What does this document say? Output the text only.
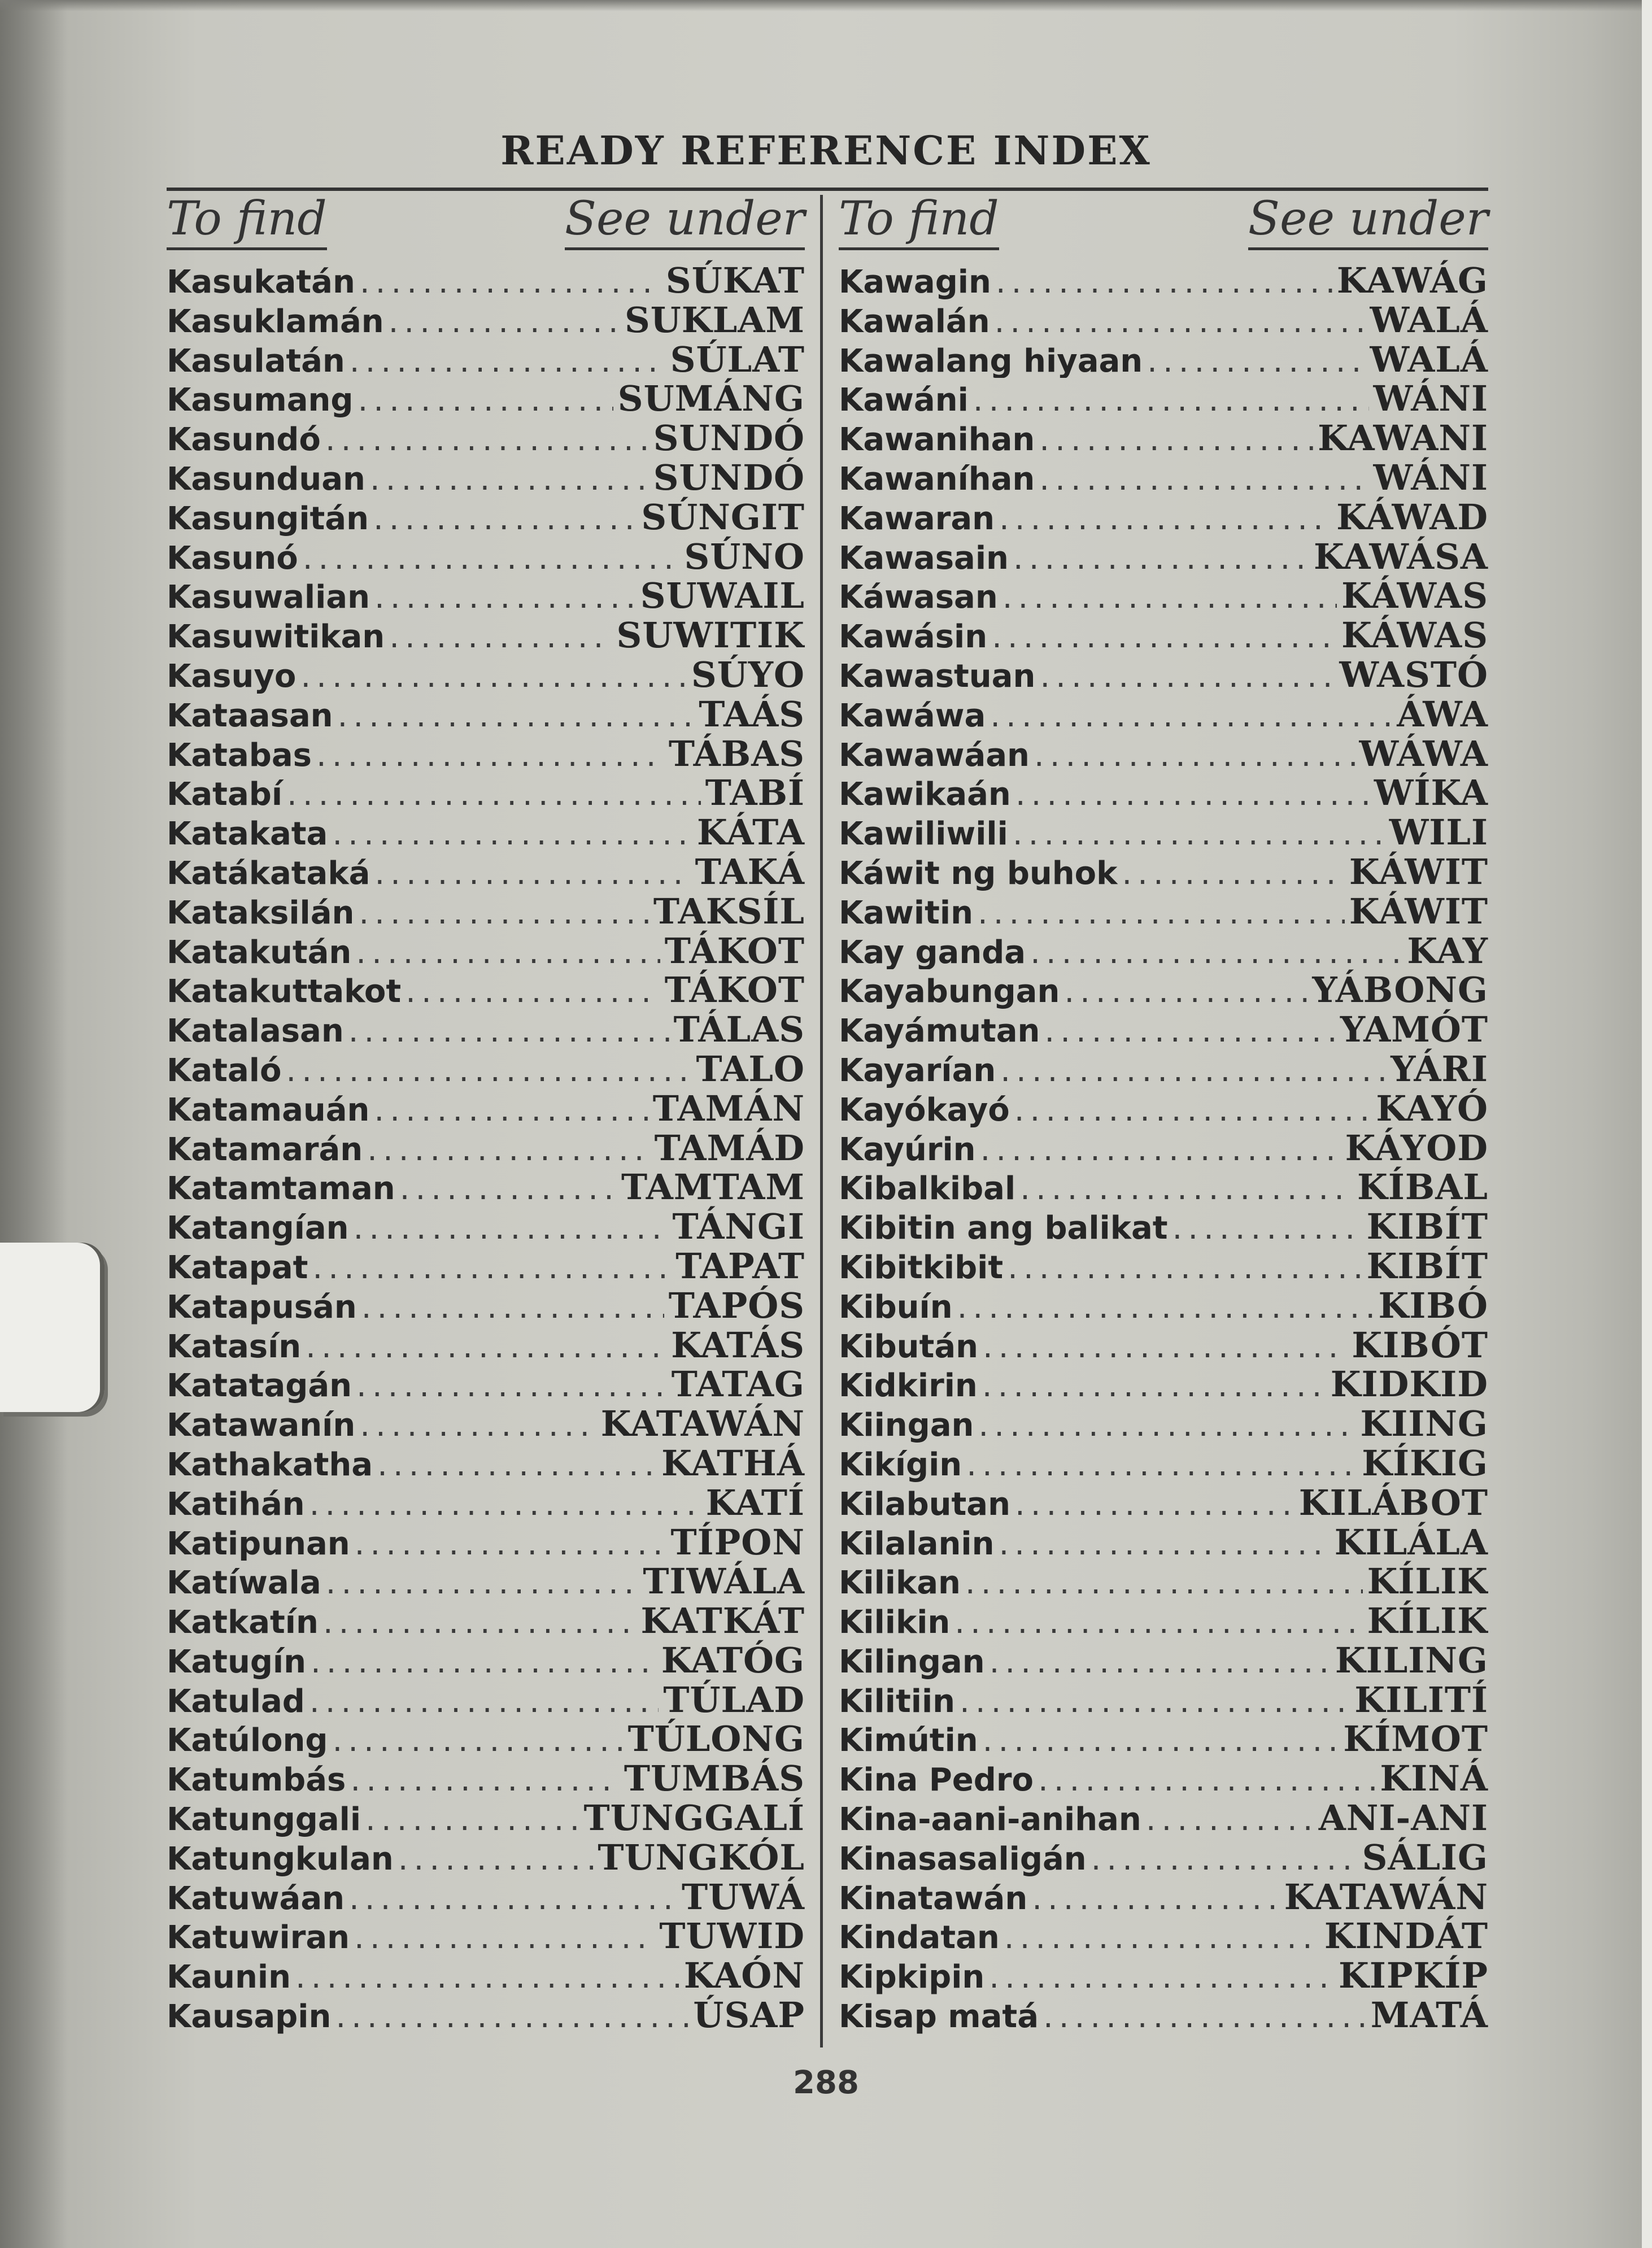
READY REFERENCE INDEX
To find	See under
Kasukatán .....	SÚKAT
Kasuklamán .....	SUKLAM
Kasulatán .....	SÚLAT
Kasumang .....	SUMÁNG
Kasundó .....	SUNDÓ
Kasunduan .....	SUNDÓ
Kasungitán .....	SÚNGIT
Kasunó .....	SÚNO
Kasuwalian .....	SUWAIL
Kasuwitikan .....	SUWITIK
Kasuyo .....	SÚYO
Kataasan .....	TAÁS
Katabas .....	TÁBAS
Katabí .....	TABÍ
Katakata .....	KÁTA
Katákataká .....	TAKÁ
Kataksilán .....	TAKSÍL
Katakután .....	TÁKOT
Katakuttakot .....	TÁKOT
Katalasan .....	TÁLAS
Kataló .....	TALO
Katamauán .....	TAMÁN
Katamarán .....	TAMÁD
Katamtaman .....	TAMTAM
Katangían .....	TÁNGI
Katapat .....	TAPAT
Katapusán .....	TAPÓS
Katasín .....	KATÁS
Katatagán .....	TATAG
Katawanín .....	KATAWÁN
Kathakatha .....	KATHÁ
Katihán .....	KATÍ
Katipunan .....	TÍPON
Katíwala .....	TIWÁLA
Katkatín .....	KATKÁT
Katugín .....	KATÓG
Katulad .....	TÚLAD
Katúlong .....	TÚLONG
Katumbás .....	TUMBÁS
Katunggali .....	TUNGGALÍ
Katungkulan .....	TUNGKÓL
Katuwáan .....	TUWÁ
Katuwiran .....	TUWID
Kaunin .....	KAÓN
Kausapin .....	ÚSAP
To find	See under
Kawagin .....	KAWÁG
Kawalán .....	WALÁ
Kawalang hiyaan .....	WALÁ
Kawáni .....	WÁNI
Kawanihan .....	KAWANI
Kawaníhan .....	WÁNI
Kawaran .....	KÁWAD
Kawasain .....	KAWÁSA
Káwasan .....	KÁWAS
Kawásin .....	KÁWAS
Kawastuan .....	WASTÓ
Kawáwa .....	ÁWA
Kawawáan .....	WÁWA
Kawikaán .....	WÍKA
Kawiliwili .....	WILI
Káwit ng buhok .....	KÁWIT
Kawitin .....	KÁWIT
Kay ganda .....	KAY
Kayabungan .....	YÁBONG
Kayámutan .....	YAMÓT
Kayarían .....	YÁRI
Kayókayó .....	KAYÓ
Kayúrin .....	KÁYOD
Kibalkibal .....	KÍBAL
Kibitin ang balikat .....	KIBÍT
Kibitkibit .....	KIBÍT
Kibuín .....	KIBÓ
Kibután .....	KIBÓT
Kidkirin .....	KIDKID
Kiingan .....	KIING
Kikígin .....	KÍKIG
Kilabutan .....	KILÁBOT
Kilalanin .....	KILÁLA
Kilikan .....	KÍLIK
Kilikin .....	KÍLIK
Kilingan .....	KILING
Kilitiin .....	KILITÍ
Kimútin .....	KÍMOT
Kina Pedro .....	KINÁ
Kina-aani-anihan .....	ANI-ANI
Kinasasaligán .....	SÁLIG
Kinatawán .....	KATAWÁN
Kindatan .....	KINDÁT
Kipkipin .....	KIPKÍP
Kisap matá .....	MATÁ
288
